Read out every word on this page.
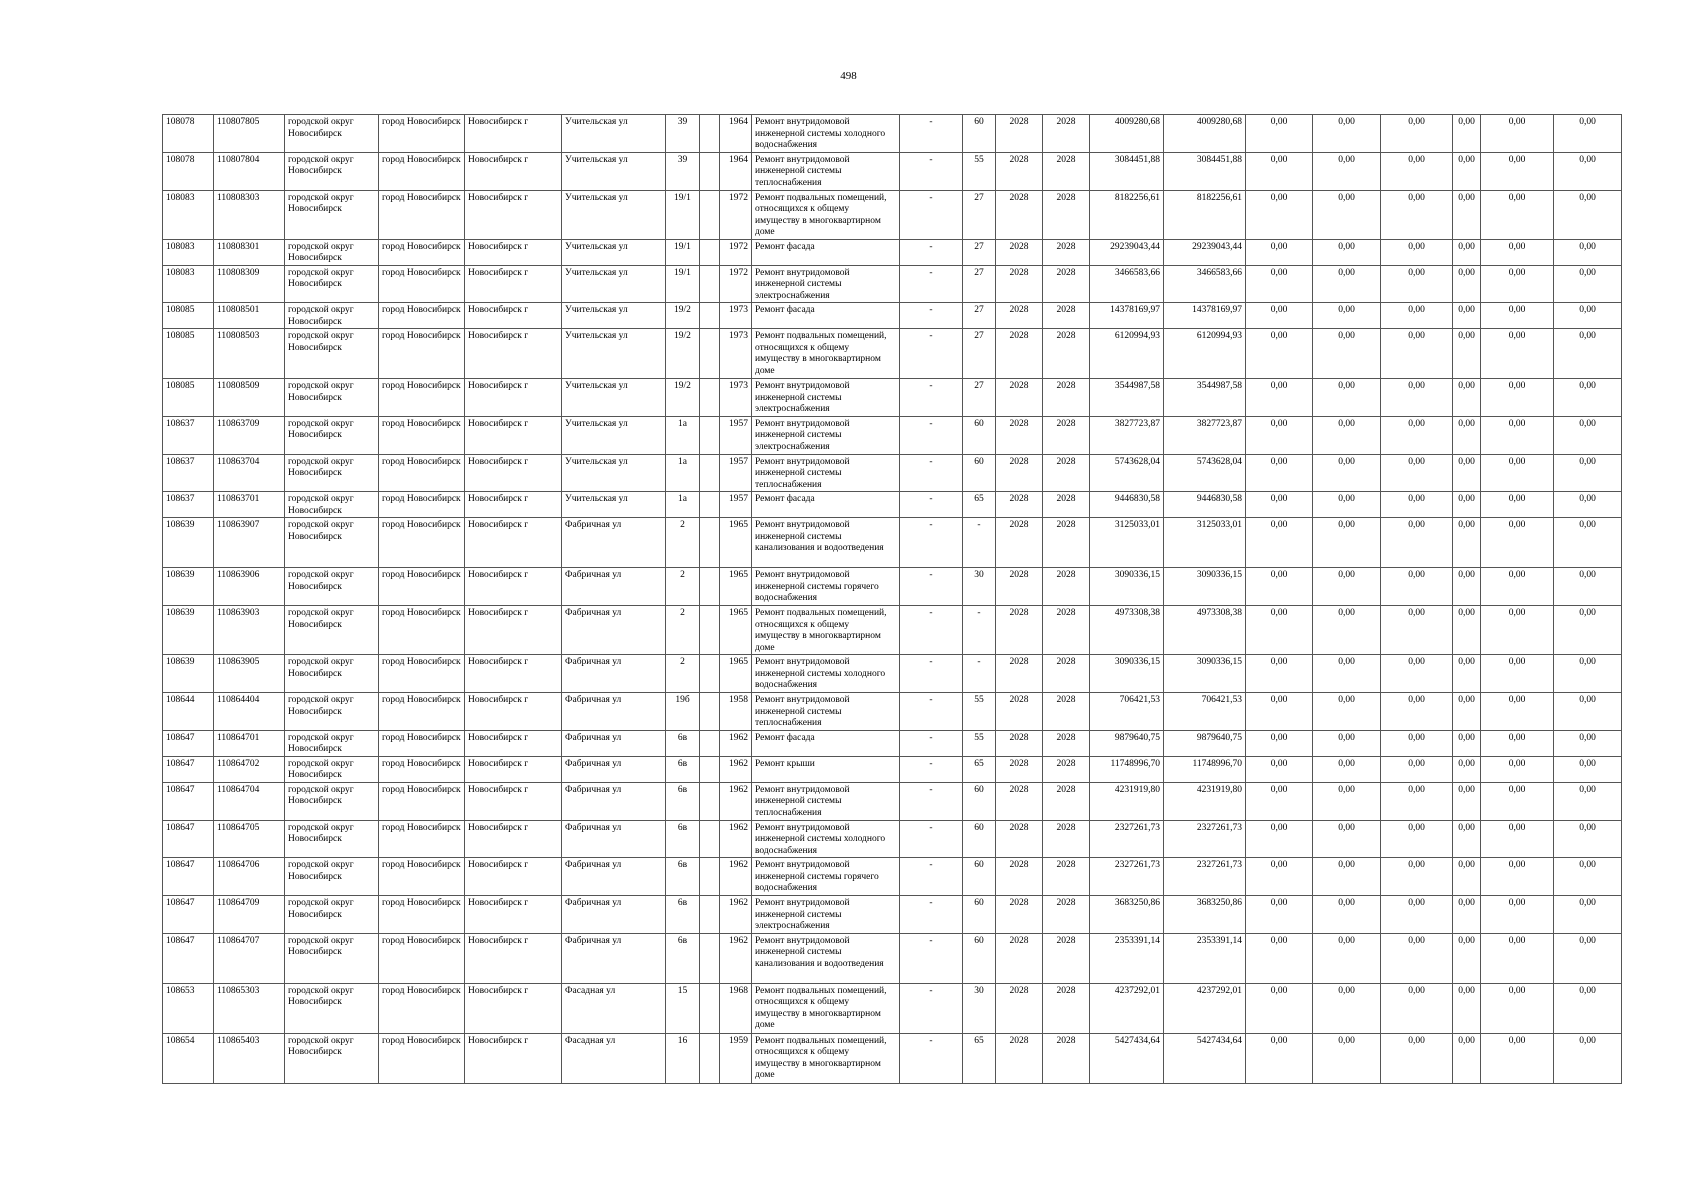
498
108078	110807805	городской округ Новосибирск	город Новосибирск	Новосибирск г	Учительская ул	39		1964	Ремонт внутридомовой инженерной системы холодного водоснабжения	-	60	2028	2028	4009280,68	4009280,68	0,00	0,00	0,00	0,00	0,00	0,00
108078	110807804	городской округ Новосибирск	город Новосибирск	Новосибирск г	Учительская ул	39		1964	Ремонт внутридомовой инженерной системы теплоснабжения	-	55	2028	2028	3084451,88	3084451,88	0,00	0,00	0,00	0,00	0,00	0,00
108083	110808303	городской округ Новосибирск	город Новосибирск	Новосибирск г	Учительская ул	19/1		1972	Ремонт подвальных помещений, относящихся к общему имуществу в многоквартирном доме	-	27	2028	2028	8182256,61	8182256,61	0,00	0,00	0,00	0,00	0,00	0,00
108083	110808301	городской округ Новосибирск	город Новосибирск	Новосибирск г	Учительская ул	19/1		1972	Ремонт фасада	-	27	2028	2028	29239043,44	29239043,44	0,00	0,00	0,00	0,00	0,00	0,00
108083	110808309	городской округ Новосибирск	город Новосибирск	Новосибирск г	Учительская ул	19/1		1972	Ремонт внутридомовой инженерной системы электроснабжения	-	27	2028	2028	3466583,66	3466583,66	0,00	0,00	0,00	0,00	0,00	0,00
108085	110808501	городской округ Новосибирск	город Новосибирск	Новосибирск г	Учительская ул	19/2		1973	Ремонт фасада	-	27	2028	2028	14378169,97	14378169,97	0,00	0,00	0,00	0,00	0,00	0,00
108085	110808503	городской округ Новосибирск	город Новосибирск	Новосибирск г	Учительская ул	19/2		1973	Ремонт подвальных помещений, относящихся к общему имуществу в многоквартирном доме	-	27	2028	2028	6120994,93	6120994,93	0,00	0,00	0,00	0,00	0,00	0,00
108085	110808509	городской округ Новосибирск	город Новосибирск	Новосибирск г	Учительская ул	19/2		1973	Ремонт внутридомовой инженерной системы электроснабжения	-	27	2028	2028	3544987,58	3544987,58	0,00	0,00	0,00	0,00	0,00	0,00
108637	110863709	городской округ Новосибирск	город Новосибирск	Новосибирск г	Учительская ул	1а		1957	Ремонт внутридомовой инженерной системы электроснабжения	-	60	2028	2028	3827723,87	3827723,87	0,00	0,00	0,00	0,00	0,00	0,00
108637	110863704	городской округ Новосибирск	город Новосибирск	Новосибирск г	Учительская ул	1а		1957	Ремонт внутридомовой инженерной системы теплоснабжения	-	60	2028	2028	5743628,04	5743628,04	0,00	0,00	0,00	0,00	0,00	0,00
108637	110863701	городской округ Новосибирск	город Новосибирск	Новосибирск г	Учительская ул	1а		1957	Ремонт фасада	-	65	2028	2028	9446830,58	9446830,58	0,00	0,00	0,00	0,00	0,00	0,00
108639	110863907	городской округ Новосибирск	город Новосибирск	Новосибирск г	Фабричная ул	2		1965	Ремонт внутридомовой инженерной системы канализования и водоотведения	-	-	2028	2028	3125033,01	3125033,01	0,00	0,00	0,00	0,00	0,00	0,00
108639	110863906	городской округ Новосибирск	город Новосибирск	Новосибирск г	Фабричная ул	2		1965	Ремонт внутридомовой инженерной системы горячего водоснабжения	-	30	2028	2028	3090336,15	3090336,15	0,00	0,00	0,00	0,00	0,00	0,00
108639	110863903	городской округ Новосибирск	город Новосибирск	Новосибирск г	Фабричная ул	2		1965	Ремонт подвальных помещений, относящихся к общему имуществу в многоквартирном доме	-	-	2028	2028	4973308,38	4973308,38	0,00	0,00	0,00	0,00	0,00	0,00
108639	110863905	городской округ Новосибирск	город Новосибирск	Новосибирск г	Фабричная ул	2		1965	Ремонт внутридомовой инженерной системы холодного водоснабжения	-	-	2028	2028	3090336,15	3090336,15	0,00	0,00	0,00	0,00	0,00	0,00
108644	110864404	городской округ Новосибирск	город Новосибирск	Новосибирск г	Фабричная ул	19б		1958	Ремонт внутридомовой инженерной системы теплоснабжения	-	55	2028	2028	706421,53	706421,53	0,00	0,00	0,00	0,00	0,00	0,00
108647	110864701	городской округ Новосибирск	город Новосибирск	Новосибирск г	Фабричная ул	6в		1962	Ремонт фасада	-	55	2028	2028	9879640,75	9879640,75	0,00	0,00	0,00	0,00	0,00	0,00
108647	110864702	городской округ Новосибирск	город Новосибирск	Новосибирск г	Фабричная ул	6в		1962	Ремонт крыши	-	65	2028	2028	11748996,70	11748996,70	0,00	0,00	0,00	0,00	0,00	0,00
108647	110864704	городской округ Новосибирск	город Новосибирск	Новосибирск г	Фабричная ул	6в		1962	Ремонт внутридомовой инженерной системы теплоснабжения	-	60	2028	2028	4231919,80	4231919,80	0,00	0,00	0,00	0,00	0,00	0,00
108647	110864705	городской округ Новосибирск	город Новосибирск	Новосибирск г	Фабричная ул	6в		1962	Ремонт внутридомовой инженерной системы холодного водоснабжения	-	60	2028	2028	2327261,73	2327261,73	0,00	0,00	0,00	0,00	0,00	0,00
108647	110864706	городской округ Новосибирск	город Новосибирск	Новосибирск г	Фабричная ул	6в		1962	Ремонт внутридомовой инженерной системы горячего водоснабжения	-	60	2028	2028	2327261,73	2327261,73	0,00	0,00	0,00	0,00	0,00	0,00
108647	110864709	городской округ Новосибирск	город Новосибирск	Новосибирск г	Фабричная ул	6в		1962	Ремонт внутридомовой инженерной системы электроснабжения	-	60	2028	2028	3683250,86	3683250,86	0,00	0,00	0,00	0,00	0,00	0,00
108647	110864707	городской округ Новосибирск	город Новосибирск	Новосибирск г	Фабричная ул	6в		1962	Ремонт внутридомовой инженерной системы канализования и водоотведения	-	60	2028	2028	2353391,14	2353391,14	0,00	0,00	0,00	0,00	0,00	0,00
108653	110865303	городской округ Новосибирск	город Новосибирск	Новосибирск г	Фасадная ул	15		1968	Ремонт подвальных помещений, относящихся к общему имуществу в многоквартирном доме	-	30	2028	2028	4237292,01	4237292,01	0,00	0,00	0,00	0,00	0,00	0,00
108654	110865403	городской округ Новосибирск	город Новосибирск	Новосибирск г	Фасадная ул	16		1959	Ремонт подвальных помещений, относящихся к общему имуществу в многоквартирном доме	-	65	2028	2028	5427434,64	5427434,64	0,00	0,00	0,00	0,00	0,00	0,00
